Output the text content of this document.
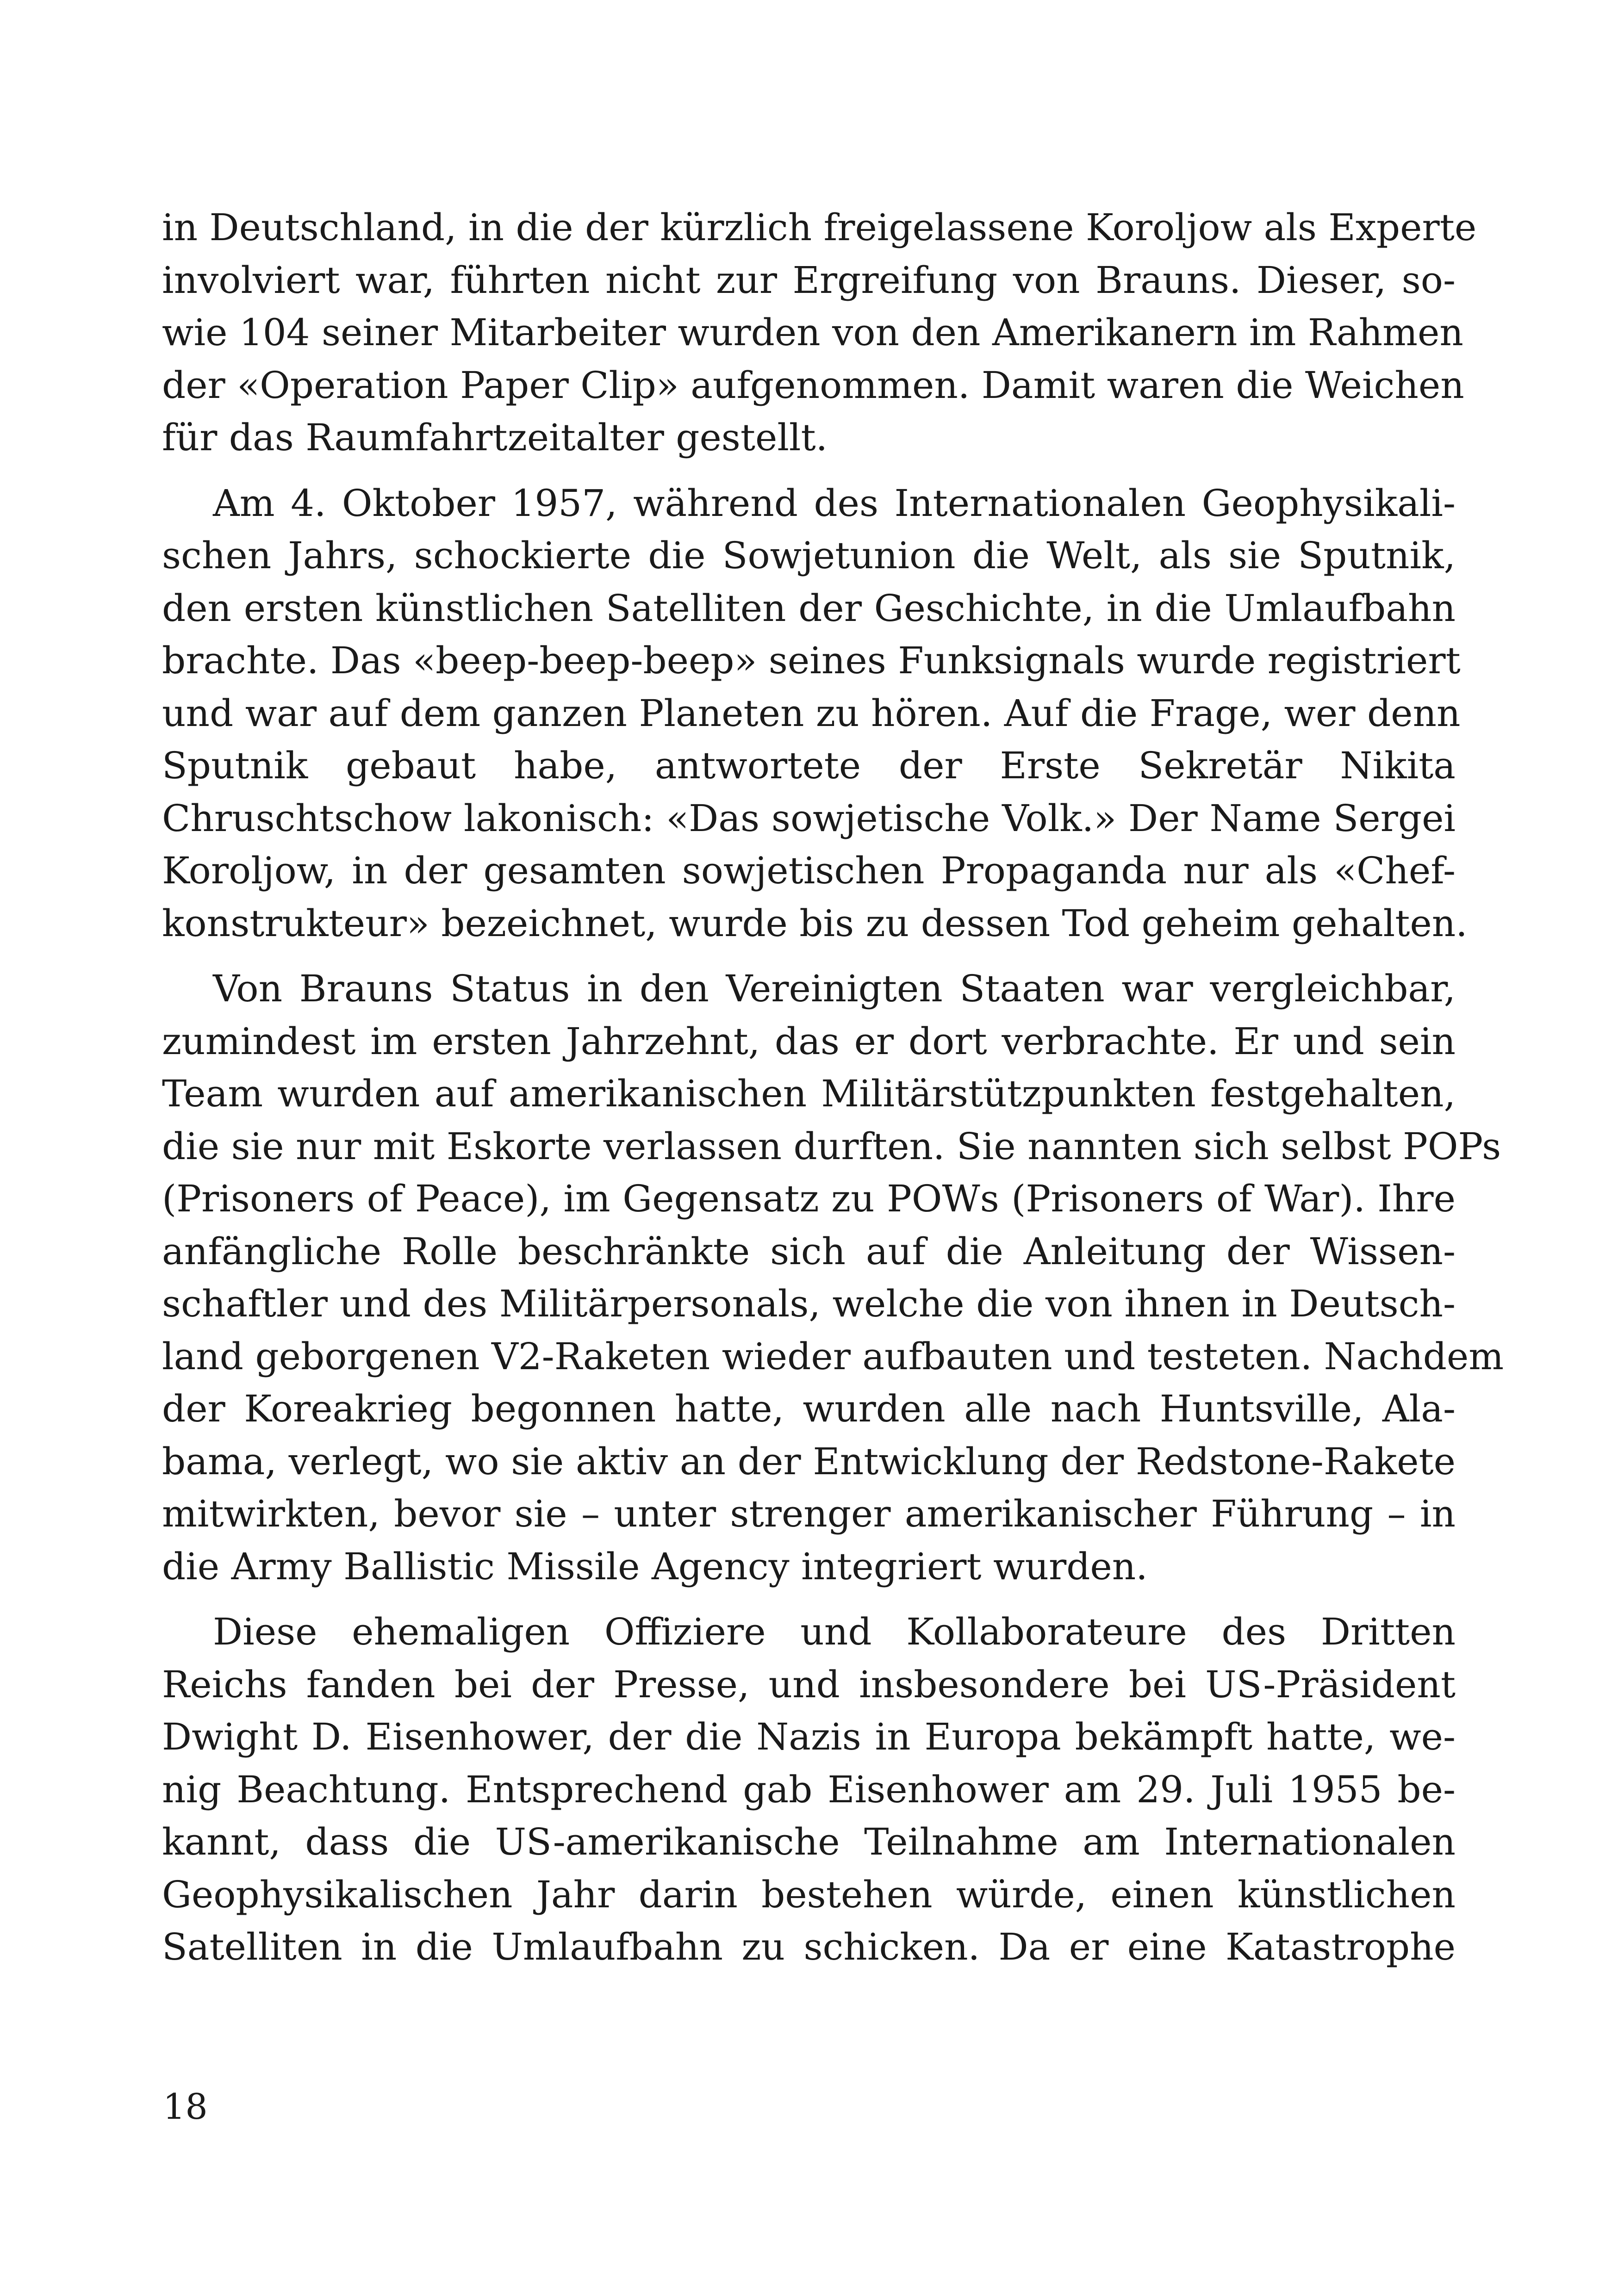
in Deutschland, in die der kürzlich freigelassene Koroljow als Experte
involviert war, führten nicht zur Ergreifung von Brauns. Dieser, so-
wie 104 seiner Mitarbeiter wurden von den Amerikanern im Rahmen
der «Operation Paper Clip» aufgenommen. Damit waren die Weichen
für das Raumfahrtzeitalter gestellt.

Am 4. Oktober 1957, während des Internationalen Geophysikali-
schen Jahrs, schockierte die Sowjetunion die Welt, als sie Sputnik,
den ersten künstlichen Satelliten der Geschichte, in die Umlaufbahn
brachte. Das «beep-beep-beep» seines Funksignals wurde registriert
und war auf dem ganzen Planeten zu hören. Auf die Frage, wer denn
Sputnik gebaut habe, antwortete der Erste Sekretär Nikita
Chruschtschow lakonisch: «Das sowjetische Volk.» Der Name Sergei
Koroljow, in der gesamten sowjetischen Propaganda nur als «Chef-
konstrukteur» bezeichnet, wurde bis zu dessen Tod geheim gehalten.

Von Brauns Status in den Vereinigten Staaten war vergleichbar,
zumindest im ersten Jahrzehnt, das er dort verbrachte. Er und sein
Team wurden auf amerikanischen Militärstützpunkten festgehalten,
die sie nur mit Eskorte verlassen durften. Sie nannten sich selbst POPs
(Prisoners of Peace), im Gegensatz zu POWs (Prisoners of War). Ihre
anfängliche Rolle beschränkte sich auf die Anleitung der Wissen-
schaftler und des Militärpersonals, welche die von ihnen in Deutsch-
land geborgenen V2-Raketen wieder aufbauten und testeten. Nachdem
der Koreakrieg begonnen hatte, wurden alle nach Huntsville, Ala-
bama, verlegt, wo sie aktiv an der Entwicklung der Redstone-Rakete
mitwirkten, bevor sie – unter strenger amerikanischer Führung – in
die Army Ballistic Missile Agency integriert wurden.

Diese ehemaligen Offiziere und Kollaborateure des Dritten
Reichs fanden bei der Presse, und insbesondere bei US-Präsident
Dwight D. Eisenhower, der die Nazis in Europa bekämpft hatte, we-
nig Beachtung. Entsprechend gab Eisenhower am 29. Juli 1955 be-
kannt, dass die US-amerikanische Teilnahme am Internationalen
Geophysikalischen Jahr darin bestehen würde, einen künstlichen
Satelliten in die Umlaufbahn zu schicken. Da er eine Katastrophe

18
